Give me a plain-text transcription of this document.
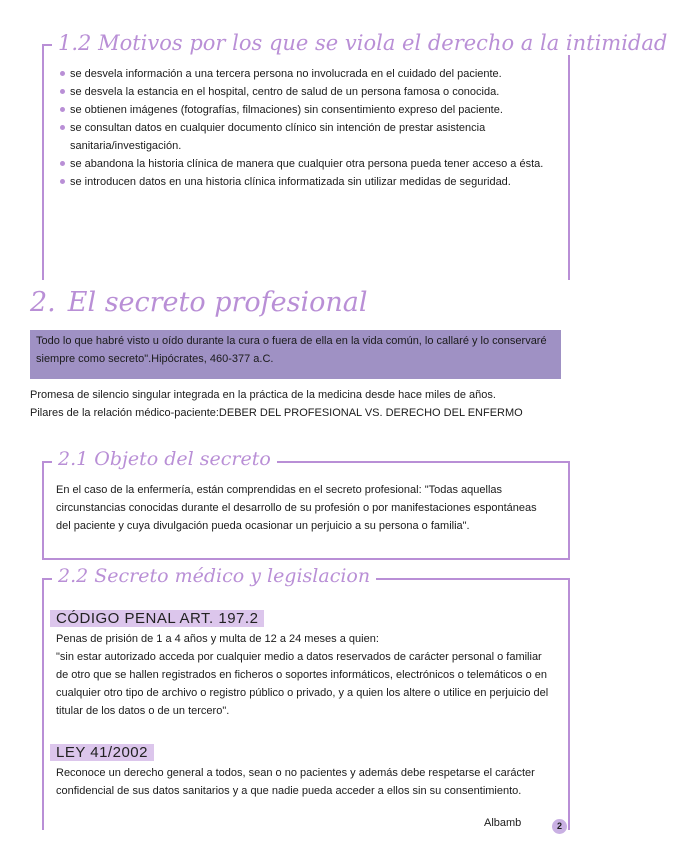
1.2 Motivos por los que se viola el derecho a la intimidad
se desvela información a una tercera persona no involucrada en el cuidado del paciente.
se desvela la estancia en el hospital, centro de salud de un persona famosa o conocida.
se obtienen imágenes (fotografías, filmaciones) sin consentimiento expreso del paciente.
se consultan datos en cualquier documento clínico sin intención de prestar asistencia sanitaria/investigación.
se abandona la historia clínica de manera que cualquier otra persona pueda tener acceso a ésta.
se introducen datos en una historia clínica informatizada sin utilizar medidas de seguridad.
2. El secreto profesional
Todo lo que habré visto u oído durante la cura o fuera de ella en la vida común, lo callaré y lo conservaré siempre como secreto".Hipócrates, 460-377 a.C.
Promesa de silencio singular integrada en la práctica de la medicina desde hace miles de años.
Pilares de la relación médico-paciente:DEBER DEL PROFESIONAL VS. DERECHO DEL ENFERMO
2.1 Objeto del secreto
En el caso de la enfermería, están comprendidas en el secreto profesional: "Todas aquellas circunstancias conocidas durante el desarrollo de su profesión o por manifestaciones espontáneas del paciente y cuya divulgación pueda ocasionar un perjuicio a su persona o familia".
2.2 Secreto médico y legislacion
CÓDIGO PENAL ART. 197.2
Penas de prisión de 1 a 4 años y multa de 12 a 24 meses a quien:
"sin estar autorizado acceda por cualquier medio a datos reservados de carácter personal o familiar de otro que se hallen registrados en ficheros o soportes informáticos, electrónicos o telemáticos o en cualquier otro tipo de archivo o registro público o privado, y a quien los altere o utilice en perjuicio del titular de los datos o de un tercero".
LEY 41/2002
Reconoce un derecho general a todos, sean o no pacientes y además debe respetarse el carácter confidencial de sus datos sanitarios y a que nadie pueda acceder a ellos sin su consentimiento.
Albamb	2
